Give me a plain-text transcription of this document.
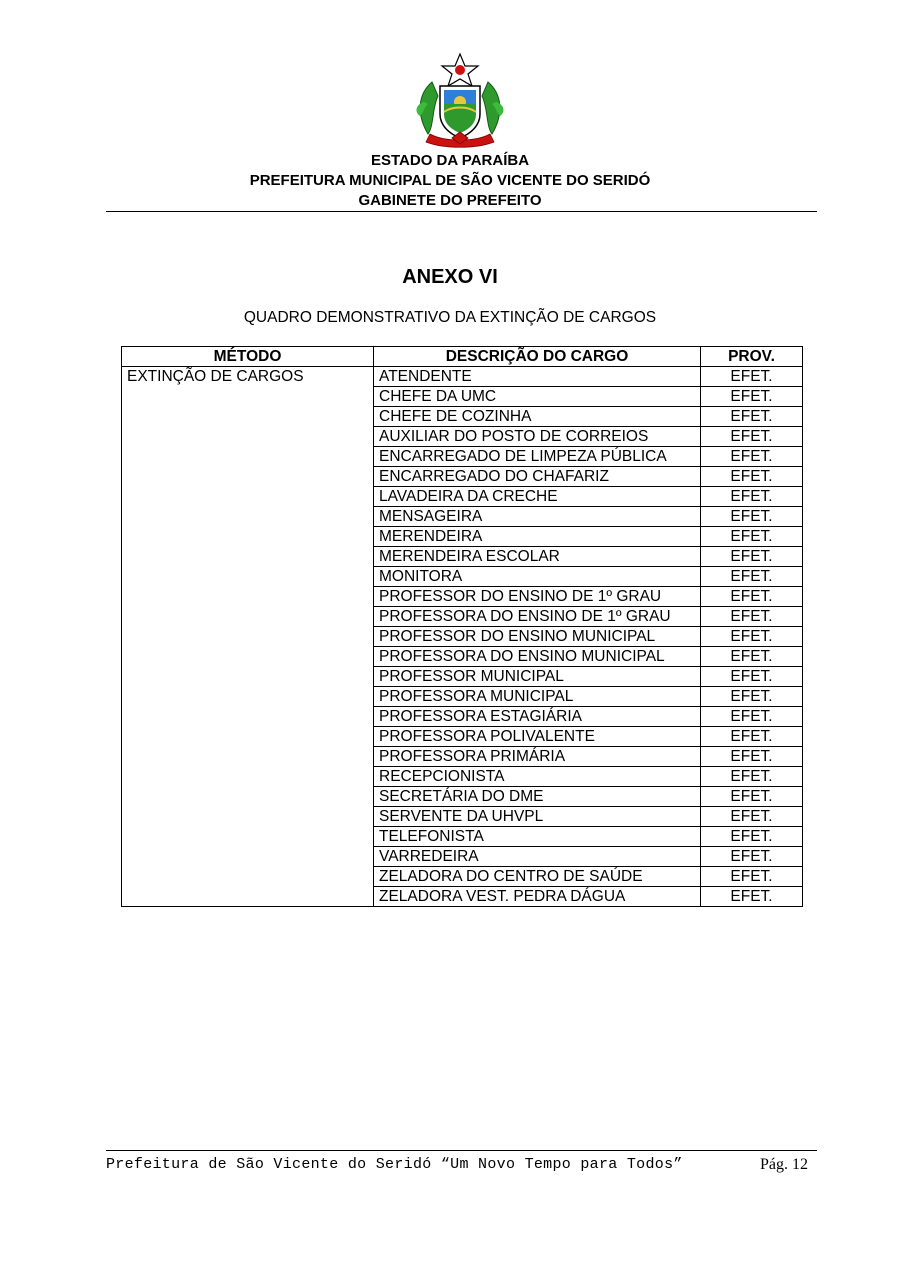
ESTADO DA PARAÍBA
PREFEITURA MUNICIPAL DE SÃO VICENTE DO SERIDÓ
GABINETE DO PREFEITO
ANEXO VI
QUADRO DEMONSTRATIVO DA EXTINÇÃO DE CARGOS
MÉTODO	DESCRIÇÃO DO CARGO	PROV.
EXTINÇÃO DE CARGOS	ATENDENTE	EFET.
	CHEFE DA UMC	EFET.
	CHEFE DE COZINHA	EFET.
	AUXILIAR DO POSTO DE CORREIOS	EFET.
	ENCARREGADO DE LIMPEZA PÚBLICA	EFET.
	ENCARREGADO DO CHAFARIZ	EFET.
	LAVADEIRA DA CRECHE	EFET.
	MENSAGEIRA	EFET.
	MERENDEIRA	EFET.
	MERENDEIRA ESCOLAR	EFET.
	MONITORA	EFET.
	PROFESSOR DO ENSINO DE 1º GRAU	EFET.
	PROFESSORA DO ENSINO DE 1º GRAU	EFET.
	PROFESSOR DO ENSINO MUNICIPAL	EFET.
	PROFESSORA DO ENSINO MUNICIPAL	EFET.
	PROFESSOR MUNICIPAL	EFET.
	PROFESSORA MUNICIPAL	EFET.
	PROFESSORA ESTAGIÁRIA	EFET.
	PROFESSORA POLIVALENTE	EFET.
	PROFESSORA PRIMÁRIA	EFET.
	RECEPCIONISTA	EFET.
	SECRETÁRIA DO DME	EFET.
	SERVENTE DA UHVPL	EFET.
	TELEFONISTA	EFET.
	VARREDEIRA	EFET.
	ZELADORA DO CENTRO DE SAÚDE	EFET.
	ZELADORA VEST. PEDRA DÁGUA	EFET.
Prefeitura de São Vicente do Seridó “Um Novo Tempo para Todos”	Pág. 12
